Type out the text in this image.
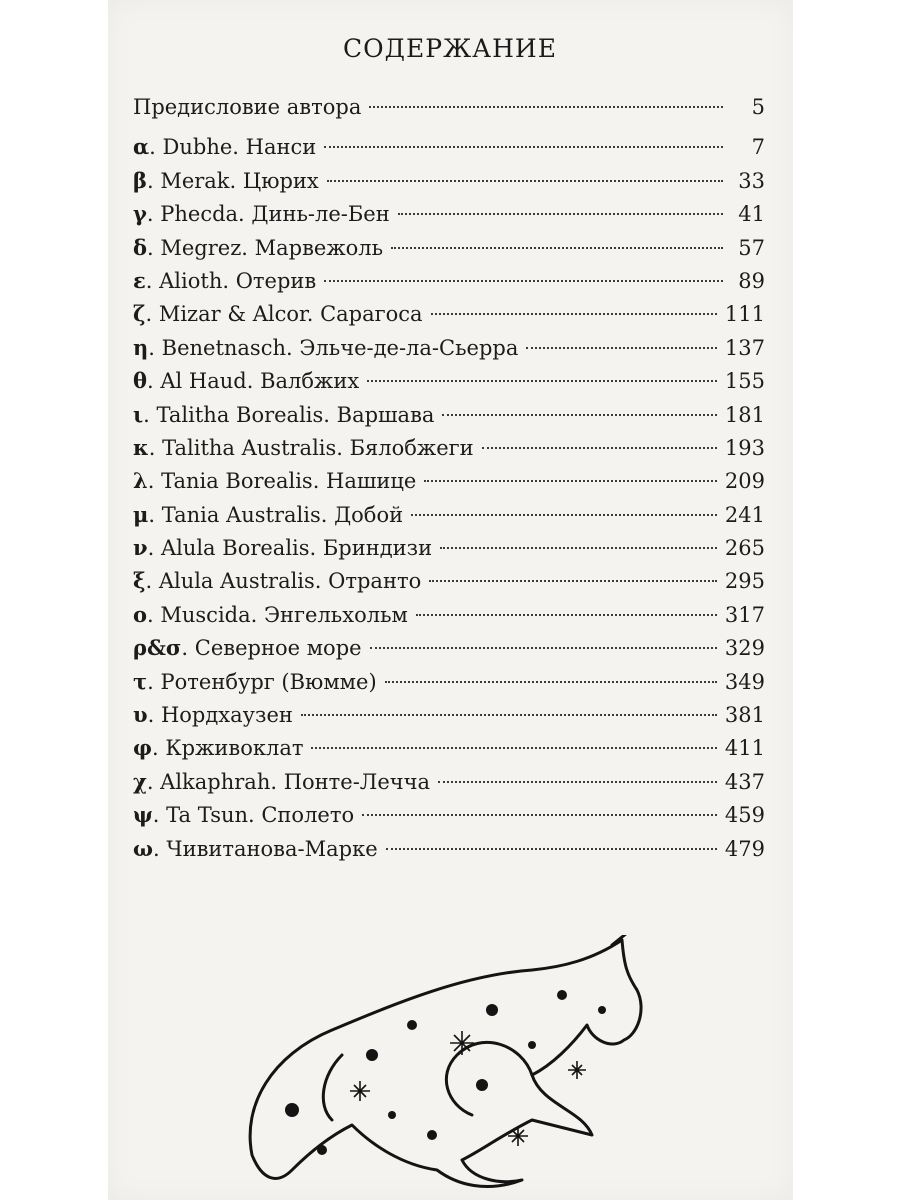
СОДЕРЖАНИЕ
Предисловие автора	5
α . Dubhe. Нанси	7
β . Merak. Цюрих	33
γ . Phecda. Динь-ле-Бен	41
δ . Megrez. Марвежоль	57
ε . Alioth. Отерив	89
ζ . Mizar & Alcor. Сарагоса	111
η . Benetnasch. Эльче-де-ла-Сьерра	137
θ . Al Haud. Валбжих	155
ι . Talitha Borealis. Варшава	181
κ . Talitha Australis. Бялобжеги	193
λ . Tania Borealis. Нашице	209
μ . Tania Australis. Добой	241
ν . Alula Borealis. Бриндизи	265
ξ . Alula Australis. Отранто	295
ο . Muscida. Энгельхольм	317
ρ&σ . Северное море	329
τ . Ротенбург (Вюмме)	349
υ . Нордхаузен	381
φ . Крживоклат	411
χ . Alkaphrah. Понте-Лечча	437
ψ . Ta Tsun. Сполето	459
ω . Чивитанова-Марке	479
